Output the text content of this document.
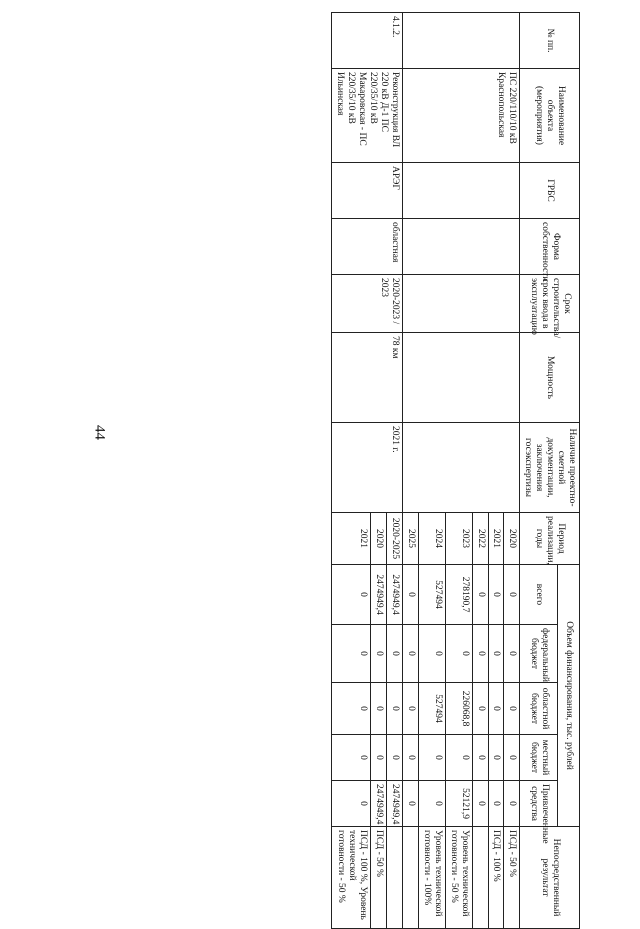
44
№ пп.	Наименование объекта (мероприятия)	ГРБС	Форма собственности	Срок строительства/ срок ввода в эксплуатацию	Мощность	Наличие проектно-сметной документации, заключения госэкспертизы	Период реализации, годы	Объем финансирования, тыс. рублей					Непосредственный результат
								всего	федеральный бюджет	областной бюджет	местный бюджет	Привлеченные средства	
	ПС 220/110/10 кВ Краснопольская						2020	0	0	0	0	0	ПСД - 50 %
							2021	0	0	0	0	0	ПСД - 100 %
							2022	0	0	0	0	0	
							2023	278190,7	0	226068,8	0	52121,9	Уровень технической готовности - 50 %
							2024	527494	0	527494	0	0	Уровень технической готовности - 100%
							2025	0	0	0	0	0	
4.1.2.	Реконструкция ВЛ 220 кВ Д-1 ПС 220/35/10 кВ Макаровская - ПС 220/35/10 кВ Ильинская	АРЭГ	областная	2020-2023 / 2023	78 км	2021 г.	2020-2025	2474949,4	0	0	0	2474949,4	
							2020	2474949,4	0	0	0	2474949,4	ПСД - 50 %
							2021	0	0	0	0	0	ПСД - 100 %, Уровень технической готовности - 50 %
